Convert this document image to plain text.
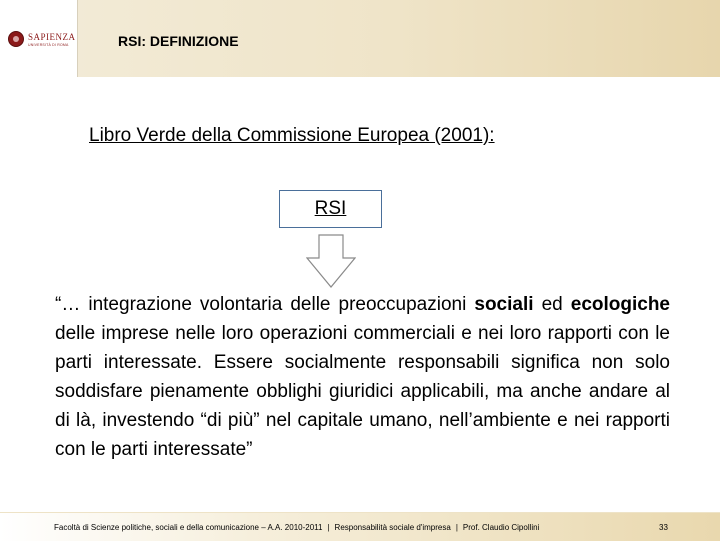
SAPIENZA
UNIVERSITÀ DI ROMA	RSI: DEFINIZIONE
Libro Verde della Commissione Europea (2001):
RSI

“… integrazione volontaria delle preoccupazioni sociali ed ecologiche delle imprese nelle loro operazioni commerciali e nei loro rapporti con le parti interessate. Essere socialmente responsabili significa non solo soddisfare pienamente obblighi giuridici applicabili, ma anche andare al di là, investendo “di più” nel capitale umano, nell’ambiente e nei rapporti con le parti interessate”

Facoltà di Scienze politiche, sociali e della comunicazione – A.A. 2010-2011 | Responsabilità sociale d'impresa | Prof. Claudio Cipollini	33
